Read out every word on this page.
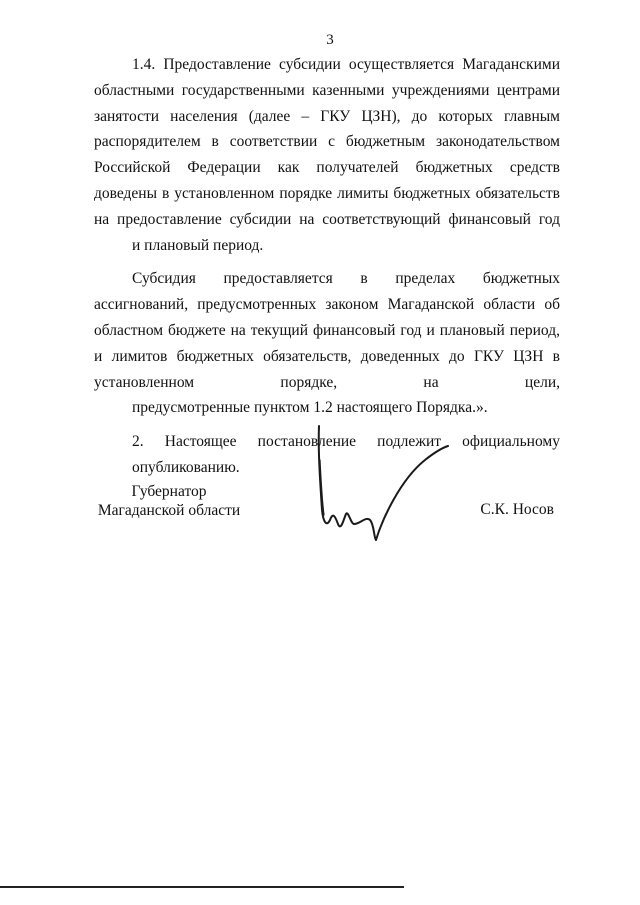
3

1.4. Предоставление субсидии осуществляется Магаданскими областными государственными казенными учреждениями центрами занятости населения (далее – ГКУ ЦЗН), до которых главным распорядителем в соответствии с бюджетным законодательством Российской Федерации как получателей бюджетных средств доведены в установленном порядке лимиты бюджетных обязательств на предоставление субсидии на соответствующий финансовый год
и плановый период.

Субсидия предоставляется в пределах бюджетных ассигнований, предусмотренных законом Магаданской области об областном бюджете на текущий финансовый год и плановый период, и лимитов бюджетных обязательств, доведенных до ГКУ ЦЗН в установленном порядке, на цели,
предусмотренные пунктом 1.2 настоящего Порядка.».

2. Настоящее постановление подлежит официальному
опубликованию.

Губернатор
Магаданской области	С.К. Носов
